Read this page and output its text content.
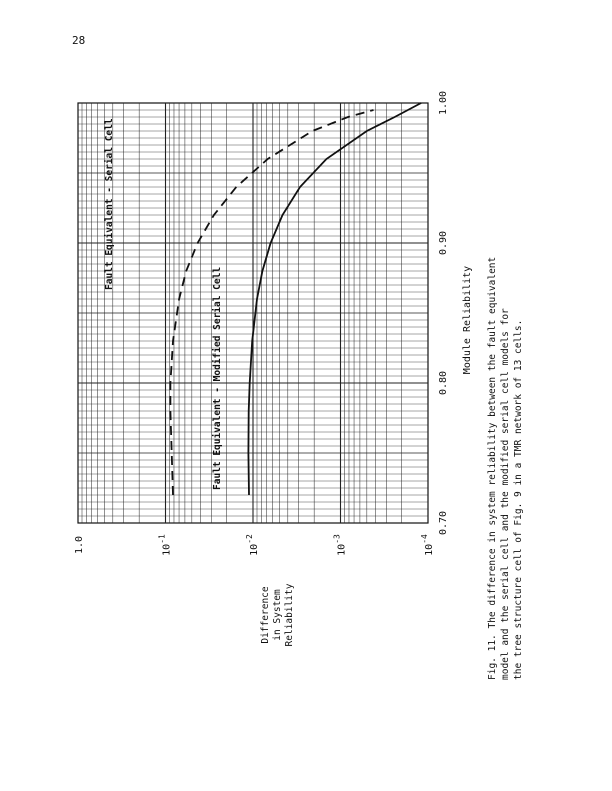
28
Fault Equivalent - Serial Cell
Fault Equivalent - Modified Serial Cell
0.70
0.80
0.90
1.00
1.0	$10^{-1}$
$10^{-2}$
$10^{-3}$
$10^{-4}$
Module Reliability Fig. 11. The difference in system reliability between the fault equivalent model and the serial cell and the modified serial cell models for the tree structure cell of Fig. 9 in a TMR network of 13 cells.
Difference in System Reliability
